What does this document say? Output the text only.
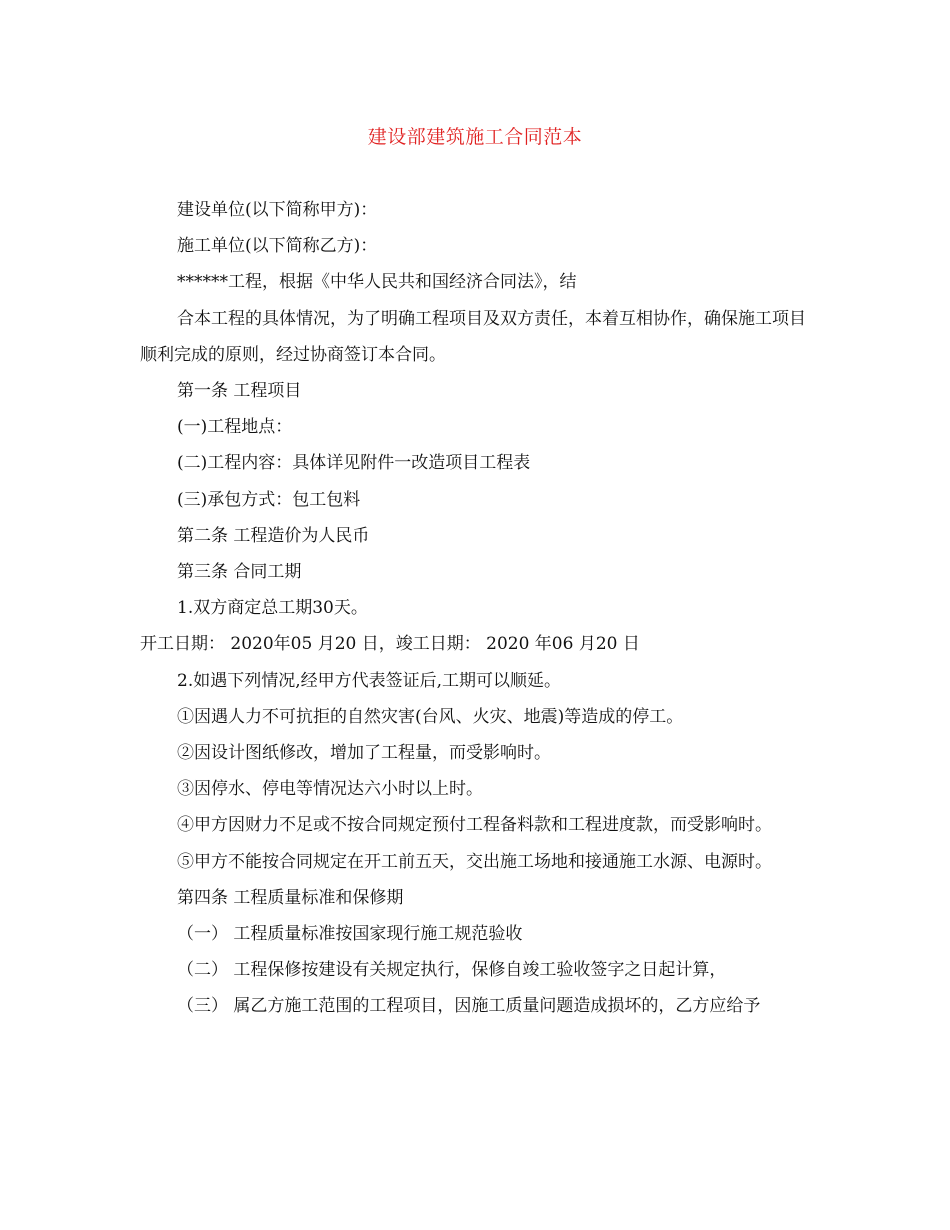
建设部建筑施工合同范本

建设单位(以下简称甲方)：

施工单位(以下简称乙方)：

******工程，根据《中华人民共和国经济合同法》，结

合本工程的具体情况，为了明确工程项目及双方责任，本着互相协作，确保施工项目顺利完成的原则，经过协商签订本合同。

第一条 工程项目

(一)工程地点：

(二)工程内容：具体详见附件一改造项目工程表

(三)承包方式：包工包料

第二条 工程造价为人民币

第三条 合同工期

1.双方商定总工期30天。

开工日期： 2020年05 月20 日，竣工日期： 2020 年06 月20 日

2.如遇下列情况,经甲方代表签证后,工期可以顺延。

①因遇人力不可抗拒的自然灾害(台风、火灾、地震)等造成的停工。

②因设计图纸修改，增加了工程量，而受影响时。

③因停水、停电等情况达六小时以上时。

④甲方因财力不足或不按合同规定预付工程备料款和工程进度款，而受影响时。

⑤甲方不能按合同规定在开工前五天，交出施工场地和接通施工水源、电源时。

第四条 工程质量标准和保修期

（一） 工程质量标准按国家现行施工规范验收

（二） 工程保修按建设有关规定执行，保修自竣工验收签字之日起计算，

（三） 属乙方施工范围的工程项目，因施工质量问题造成损坏的，乙方应给予
